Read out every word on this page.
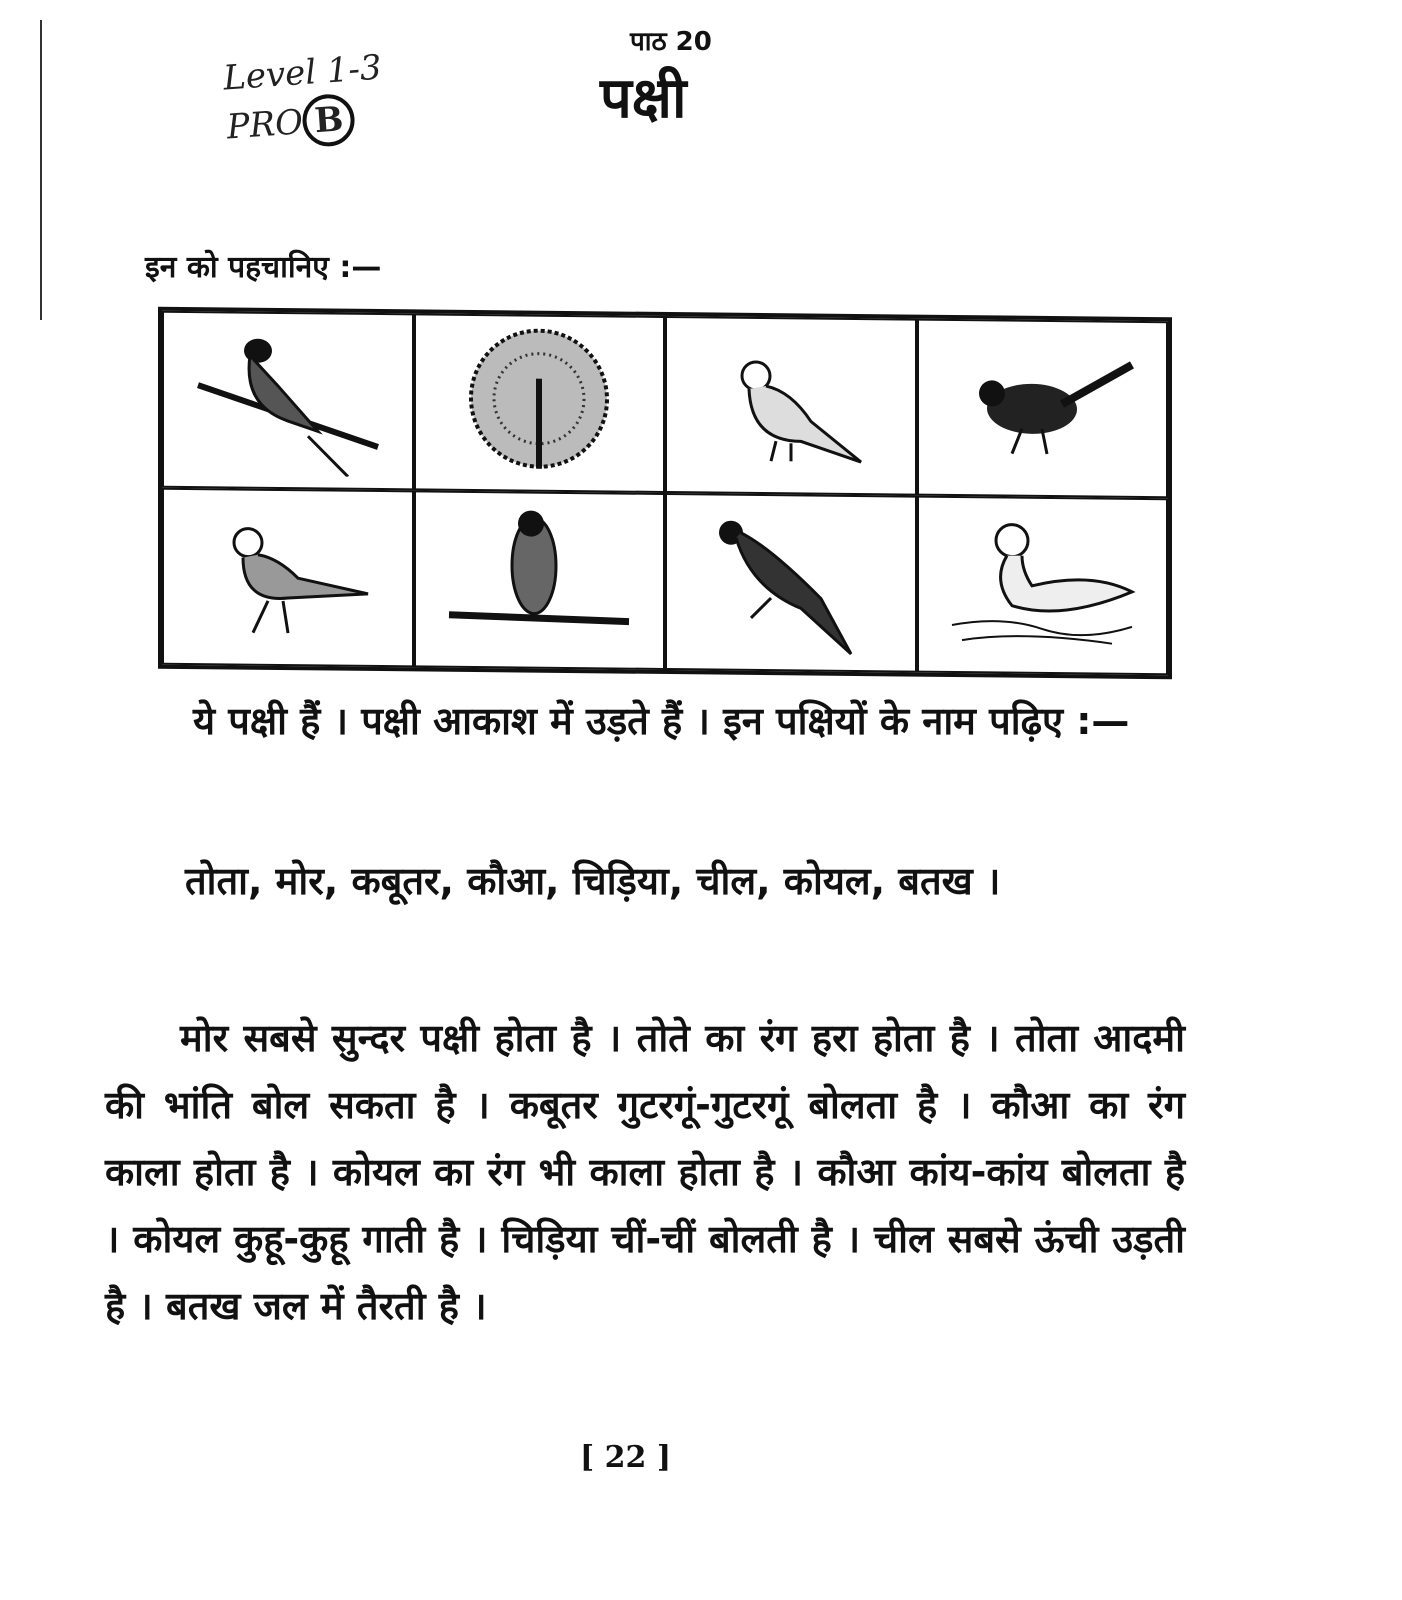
पाठ 20
पक्षी
Level 1-3
PRO B
इन को पहचानिए :—
ये पक्षी हैं । पक्षी आकाश में उड़ते हैं । इन पक्षियों के नाम पढ़िए :—
तोता, मोर, कबूतर, कौआ, चिड़िया, चील, कोयल, बतख ।
मोर सबसे सुन्दर पक्षी होता है । तोते का रंग हरा होता है । तोता आदमी की भांति बोल सकता है । कबूतर गुटरगूं-गुटरगूं बोलता है । कौआ का रंग काला होता है । कोयल का रंग भी काला होता है । कौआ कांय-कांय बोलता है । कोयल कुहू-कुहू गाती है । चिड़िया चीं-चीं बोलती है । चील सबसे ऊंची उड़ती है । बतख जल में तैरती है ।
[ 22 ]
